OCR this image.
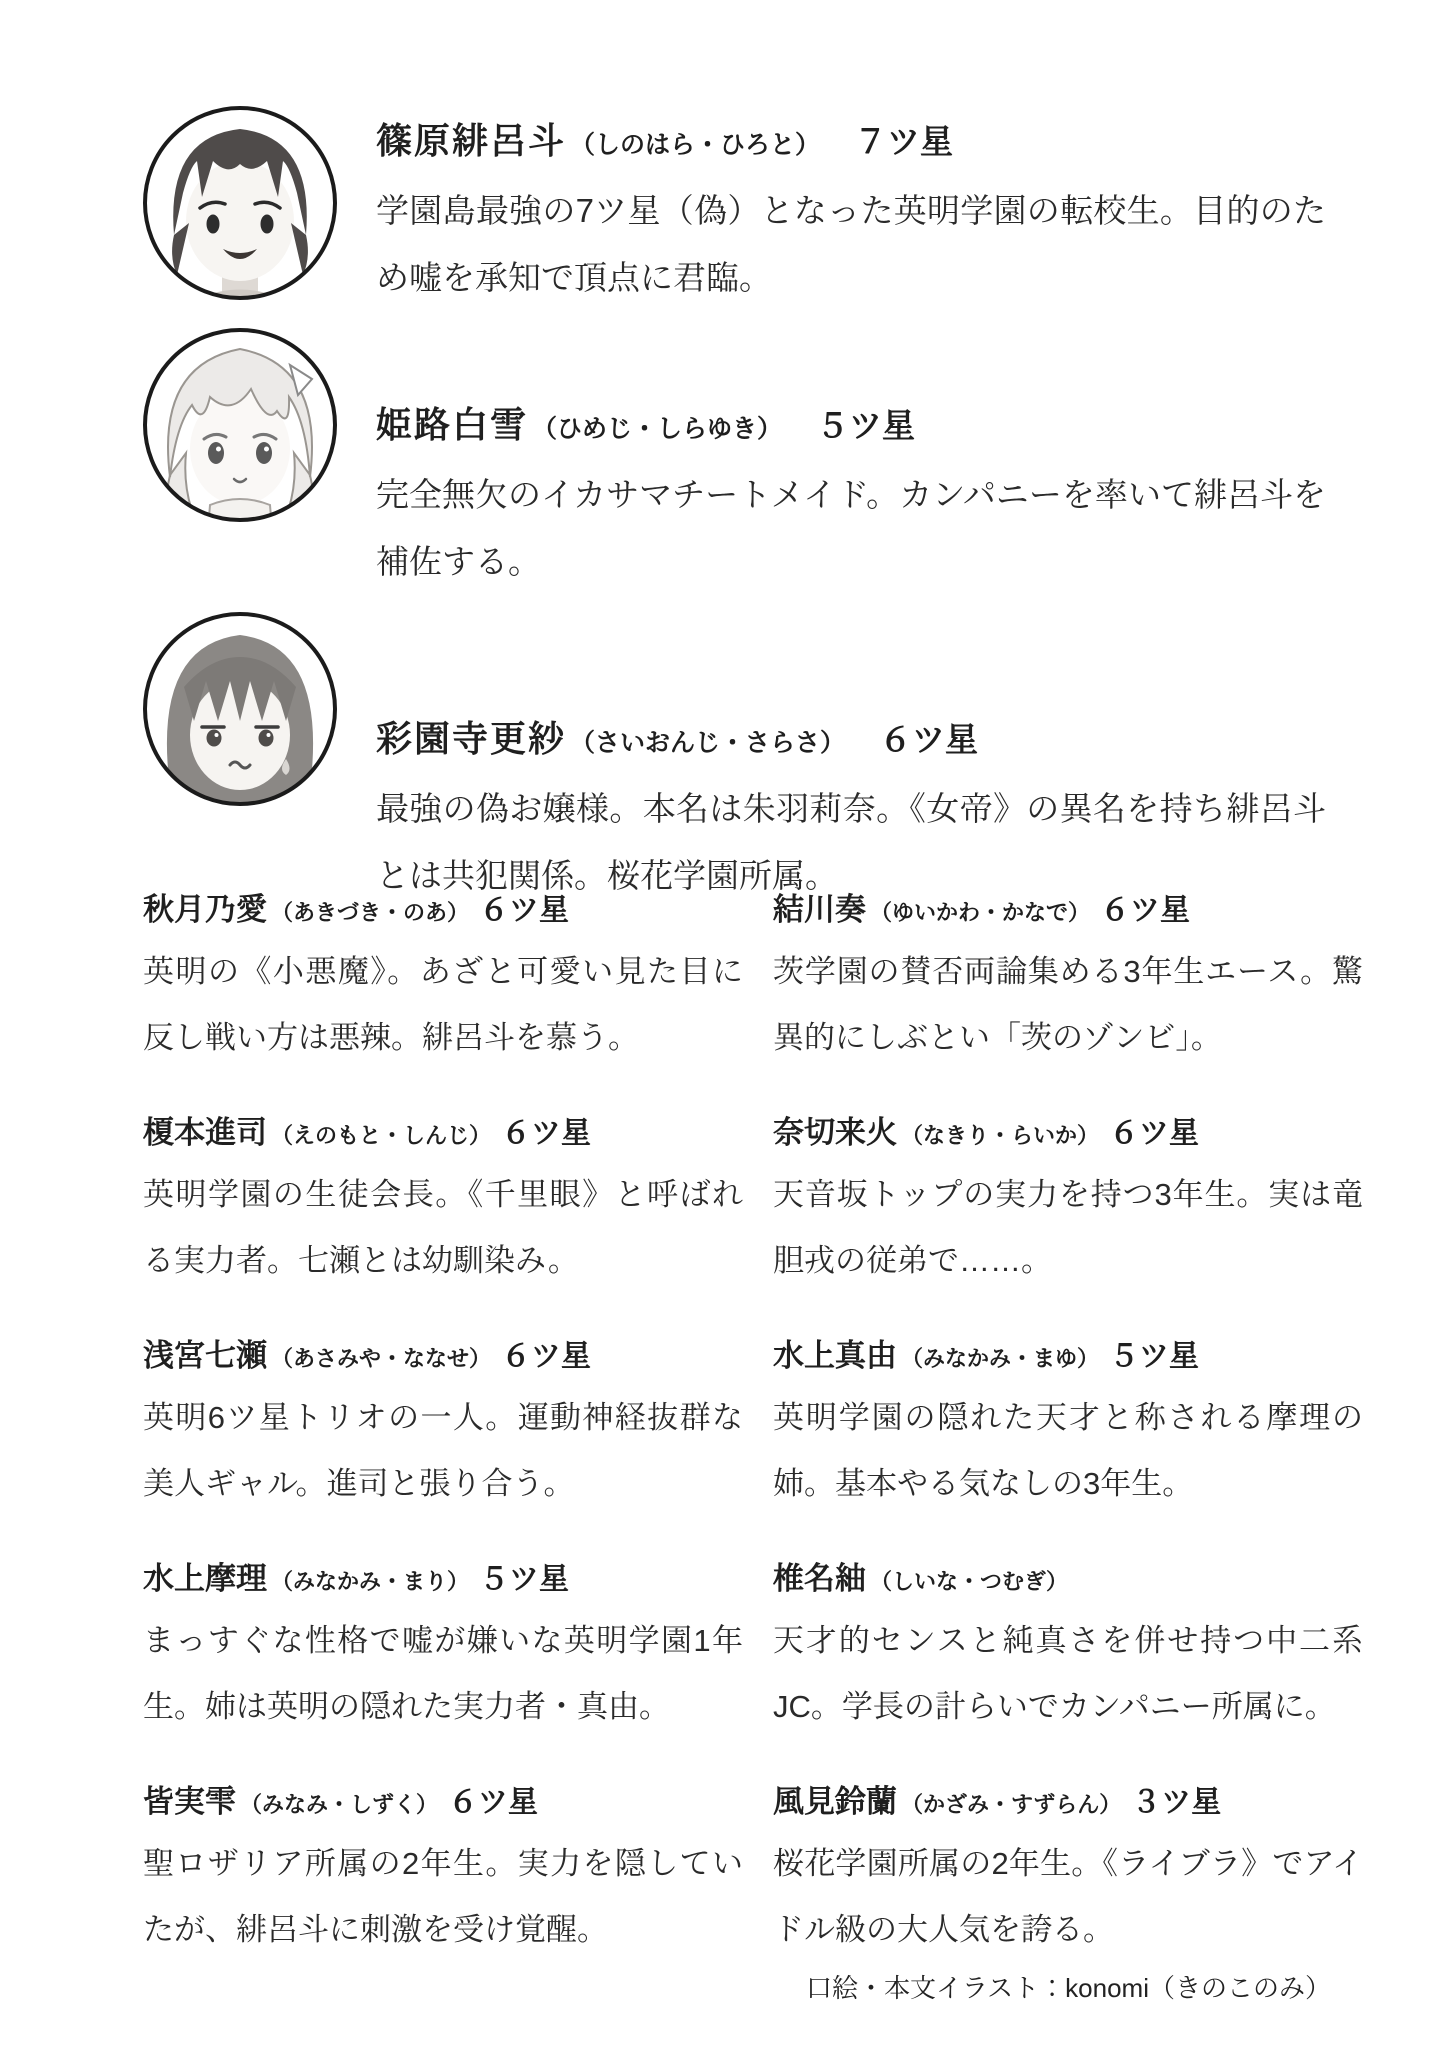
篠原緋呂斗 （しのはら・ひろと） ７ツ星

学園島最強の7ツ星（偽）となった英明学園の転校生。目的のため嘘を承知で頂点に君臨。

姫路白雪 （ひめじ・しらゆき） ５ツ星

完全無欠のイカサマチートメイド。カンパニーを率いて緋呂斗を補佐する。

彩園寺更紗 （さいおんじ・さらさ） ６ツ星

最強の偽お嬢様。本名は朱羽莉奈。《女帝》の異名を持ち緋呂斗とは共犯関係。桜花学園所属。

秋月乃愛 （あきづき・のあ） ６ツ星

英明の《小悪魔》。あざと可愛い見た目に反し戦い方は悪辣。緋呂斗を慕う。

榎本進司 （えのもと・しんじ） ６ツ星

英明学園の生徒会長。《千里眼》と呼ばれる実力者。七瀬とは幼馴染み。

浅宮七瀬 （あさみや・ななせ） ６ツ星

英明6ツ星トリオの一人。運動神経抜群な美人ギャル。進司と張り合う。

水上摩理 （みなかみ・まり） ５ツ星

まっすぐな性格で嘘が嫌いな英明学園1年生。姉は英明の隠れた実力者・真由。

皆実雫 （みなみ・しずく） ６ツ星

聖ロザリア所属の2年生。実力を隠していたが、緋呂斗に刺激を受け覚醒。

結川奏 （ゆいかわ・かなで） ６ツ星

茨学園の賛否両論集める3年生エース。驚異的にしぶとい「茨のゾンビ」。

奈切来火 （なきり・らいか） ６ツ星

天音坂トップの実力を持つ3年生。実は竜胆戎の従弟で……。

水上真由 （みなかみ・まゆ） ５ツ星

英明学園の隠れた天才と称される摩理の姉。基本やる気なしの3年生。

椎名紬 （しいな・つむぎ）

天才的センスと純真さを併せ持つ中二系JC。学長の計らいでカンパニー所属に。

風見鈴蘭 （かざみ・すずらん） ３ツ星

桜花学園所属の2年生。《ライブラ》でアイドル級の大人気を誇る。

口絵・本文イラスト：konomi（きのこのみ）
